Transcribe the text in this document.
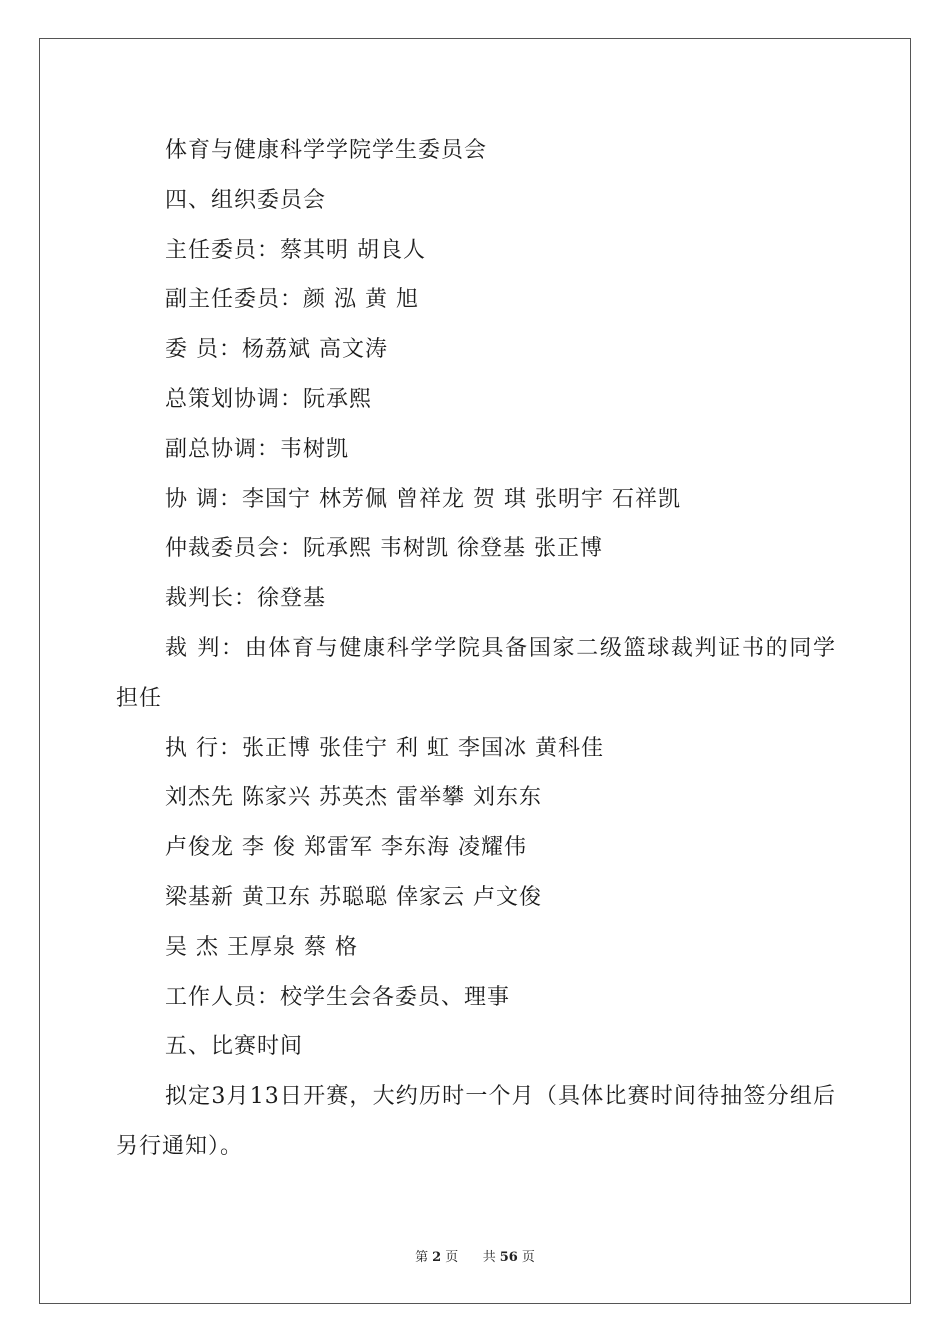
体育与健康科学学院学生委员会
四、组织委员会
主任委员：蔡其明 胡良人
副主任委员：颜 泓 黄 旭
委 员：杨荔斌 高文涛
总策划协调：阮承熙
副总协调：韦树凯
协 调：李国宁 林芳佩 曾祥龙 贺 琪 张明宇 石祥凯
仲裁委员会：阮承熙 韦树凯 徐登基 张正博
裁判长：徐登基
裁 判：由体育与健康科学学院具备国家二级篮球裁判证书的同学担任
执 行：张正博 张佳宁 利 虹 李国冰 黄科佳
刘杰先 陈家兴 苏英杰 雷举攀 刘东东
卢俊龙 李 俊 郑雷军 李东海 凌耀伟
梁基新 黄卫东 苏聪聪 倖家云 卢文俊
吴 杰 王厚泉 蔡 格
工作人员：校学生会各委员、理事
五、比赛时间
拟定3月13日开赛，大约历时一个月（具体比赛时间待抽签分组后另行通知）。
第 2 页 共 56 页
